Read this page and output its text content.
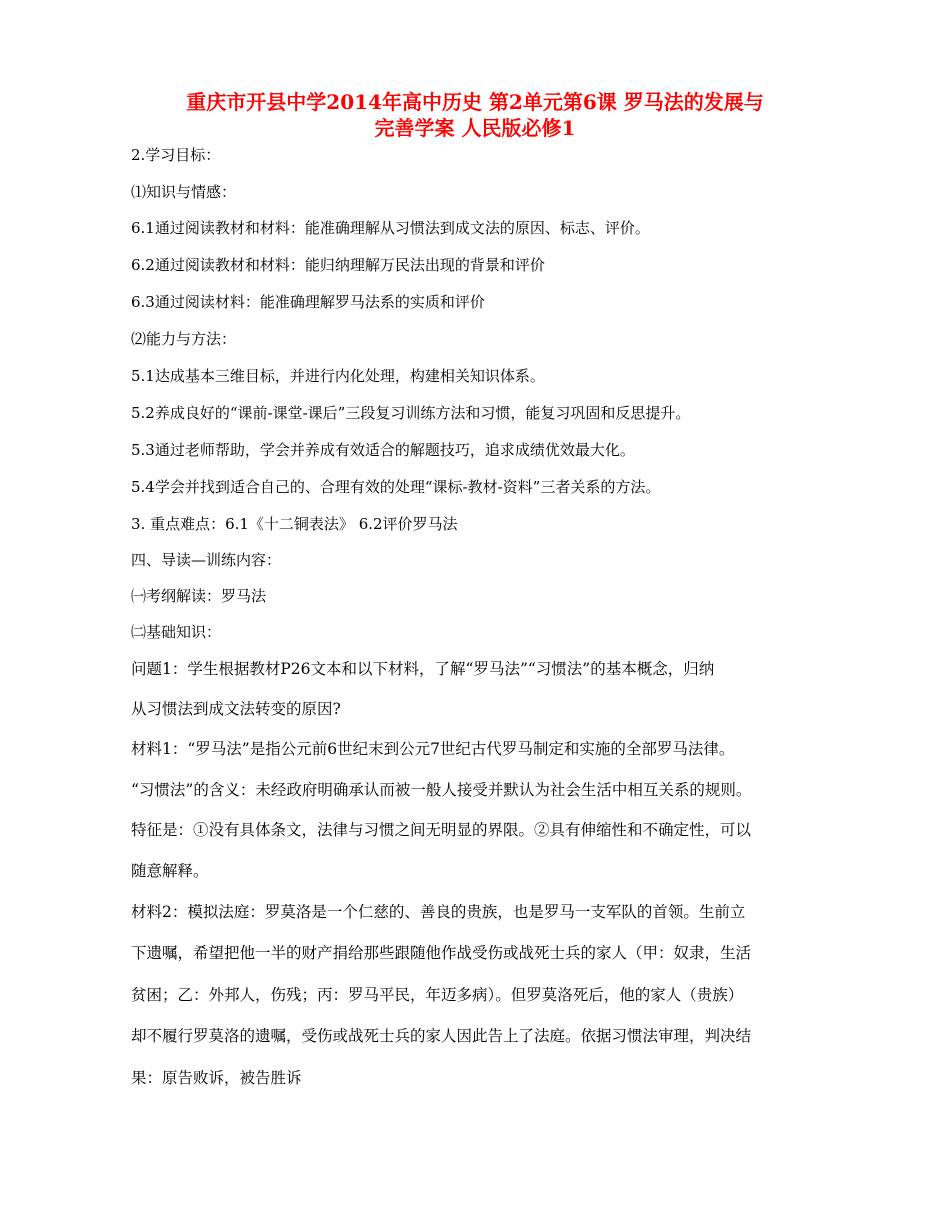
重庆市开县中学2014年高中历史 第2单元第6课 罗马法的发展与
完善学案 人民版必修1
2.学习目标：
⑴知识与情感：
6.1通过阅读教材和材料：能准确理解从习惯法到成文法的原因、标志、评价。
6.2通过阅读教材和材料：能归纳理解万民法出现的背景和评价
6.3通过阅读材料：能准确理解罗马法系的实质和评价
⑵能力与方法：
5.1达成基本三维目标，并进行内化处理，构建相关知识体系。
5.2养成良好的“课前-课堂-课后”三段复习训练方法和习惯，能复习巩固和反思提升。
5.3通过老师帮助，学会并养成有效适合的解题技巧，追求成绩优效最大化。
5.4学会并找到适合自己的、合理有效的处理“课标-教材-资料”三者关系的方法。
3. 重点难点：6.1《十二铜表法》 6.2评价罗马法
四、导读—训练内容：
㈠考纲解读：罗马法
㈡基础知识：
问题1：学生根据教材P26文本和以下材料，了解“罗马法”“习惯法”的基本概念，归纳
从习惯法到成文法转变的原因?
材料1：“罗马法”是指公元前6世纪末到公元7世纪古代罗马制定和实施的全部罗马法律。
“习惯法”的含义：未经政府明确承认而被一般人接受并默认为社会生活中相互关系的规则。
特征是：①没有具体条文，法律与习惯之间无明显的界限。②具有伸缩性和不确定性，可以
随意解释。
材料2：模拟法庭：罗莫洛是一个仁慈的、善良的贵族，也是罗马一支军队的首领。生前立
下遗嘱，希望把他一半的财产捐给那些跟随他作战受伤或战死士兵的家人（甲：奴隶，生活
贫困；乙：外邦人，伤残；丙：罗马平民，年迈多病）。但罗莫洛死后，他的家人（贵族）
却不履行罗莫洛的遗嘱，受伤或战死士兵的家人因此告上了法庭。依据习惯法审理，判决结
果：原告败诉，被告胜诉
